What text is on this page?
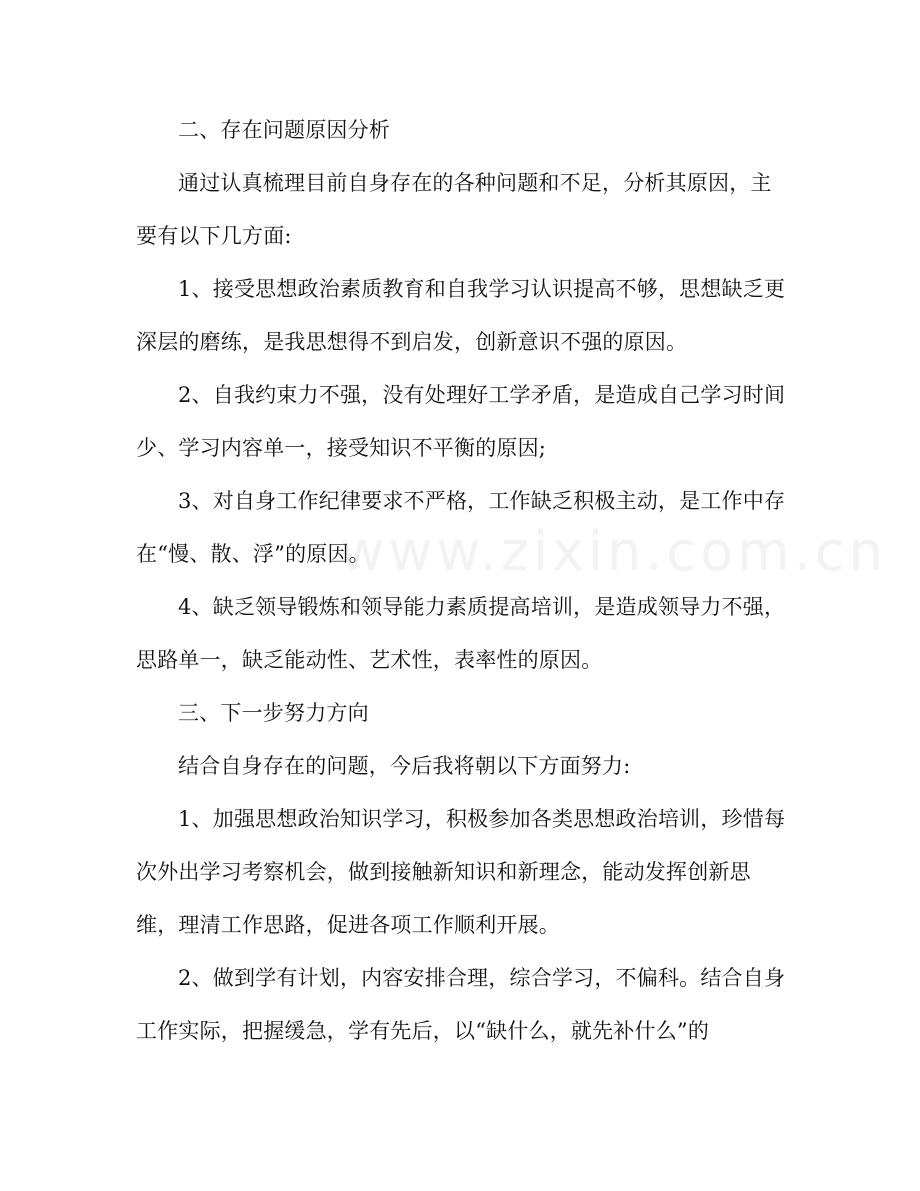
www.zixin.com.cn

二、存在问题原因分析

通过认真梳理目前自身存在的各种问题和不足，分析其原因，主要有以下几方面:

1、接受思想政治素质教育和自我学习认识提高不够，思想缺乏更深层的磨练，是我思想得不到启发，创新意识不强的原因。

2、自我约束力不强，没有处理好工学矛盾，是造成自己学习时间少、学习内容单一，接受知识不平衡的原因;

3、对自身工作纪律要求不严格，工作缺乏积极主动，是工作中存在“慢、散、浮”的原因。

4、缺乏领导锻炼和领导能力素质提高培训，是造成领导力不强，思路单一，缺乏能动性、艺术性，表率性的原因。

三、下一步努力方向

结合自身存在的问题，今后我将朝以下方面努力:

1、加强思想政治知识学习，积极参加各类思想政治培训，珍惜每次外出学习考察机会，做到接触新知识和新理念，能动发挥创新思维，理清工作思路，促进各项工作顺利开展。

2、做到学有计划，内容安排合理，综合学习，不偏科。结合自身工作实际，把握缓急，学有先后，以“缺什么，就先补什么”的
